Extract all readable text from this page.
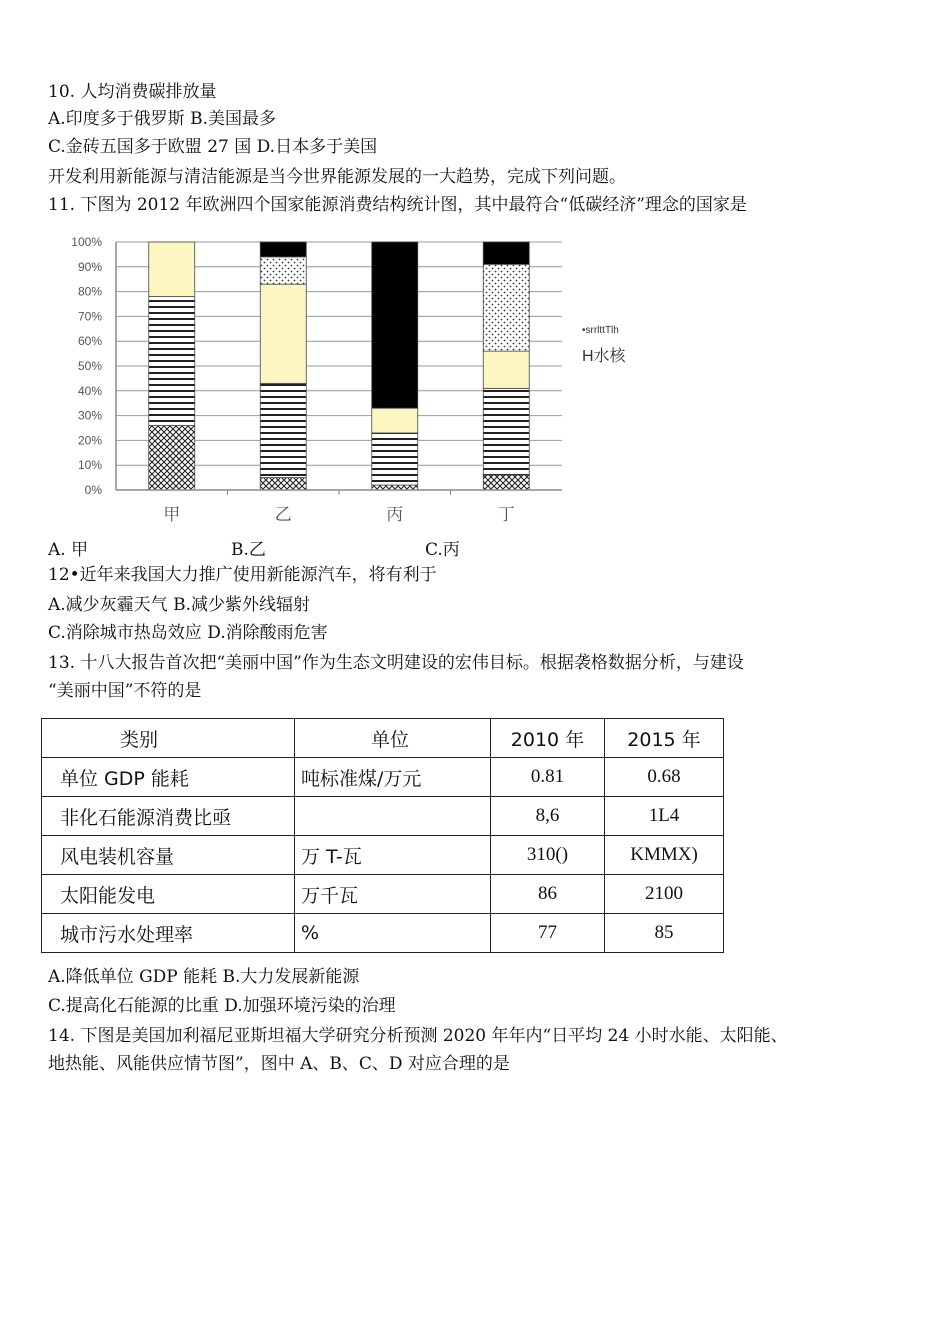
10. 人均消费碳排放量
A.印度多于俄罗斯 B.美国最多
C.金砖五国多于欧盟 27 国 D.日本多于美国
开发利用新能源与清洁能源是当今世界能源发展的一大趋势，完成下列问题。
11. 下图为 2012 年欧洲四个国家能源消费结构统计图，其中最符合“低碳经济”理念的国家是
0%
10%
20%
30%
40%
50%
60%
70%
80%
90%
100%
甲	乙	丙	丁
•srrlttTlh
H水核
A. 甲	B.乙	C.丙
12•近年来我国大力推广使用新能源汽车，将有利于
A.减少灰霾天气 B.减少紫外线辐射
C.消除城市热岛效应 D.消除酸雨危害
13. 十八大报告首次把“美丽中国”作为生态文明建设的宏伟目标。根据袭格数据分析，与建设
“美丽中国”不符的是
类别	单位	2010 年	2015 年
单位 GDP 能耗	吨标准煤/万元	0.81	0.68
非化石能源消费比亟		8,6	1L4
风电装机容量	万 T-瓦	310()	KMMX)
太阳能发电	万千瓦	86	2100
城市污水处理率	%	77	85
A.降低单位 GDP 能耗 B.大力发展新能源
C.提高化石能源的比重 D.加强环境污染的治理
14. 下图是美国加利福尼亚斯坦福大学研究分析预测 2020 年年内“日平均 24 小时水能、太阳能、
地热能、风能供应情节图”，图中 A、B、C、D 对应合理的是
